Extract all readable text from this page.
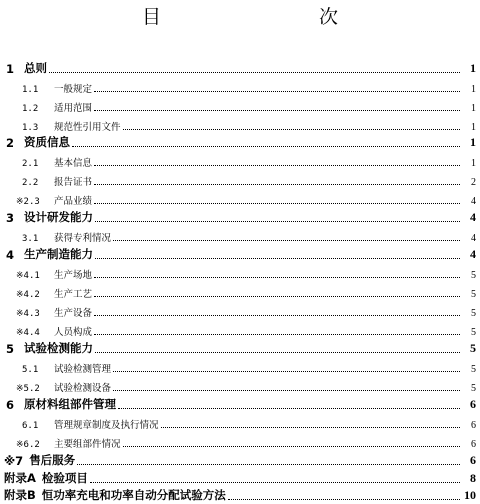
目　　次
1 总则	1
1.1	一般规定	1
1.2	适用范围	1
1.3	规范性引用文件	1
2 资质信息	1
2.1	基本信息	1
2.2	报告证书	2
※2.3	产品业绩	4
3 设计研发能力	4
3.1	获得专利情况	4
4 生产制造能力	4
※4.1	生产场地	5
※4.2	生产工艺	5
※4.3	生产设备	5
※4.4	人员构成	5
5 试验检测能力	5
5.1	试验检测管理	5
※5.2	试验检测设备	5
6 原材料组部件管理	6
6.1	管理规章制度及执行情况	6
※6.2	主要组部件情况	6
※7 售后服务	6
附录A 检验项目	8
附录B 恒功率充电和功率自动分配试验方法	10
